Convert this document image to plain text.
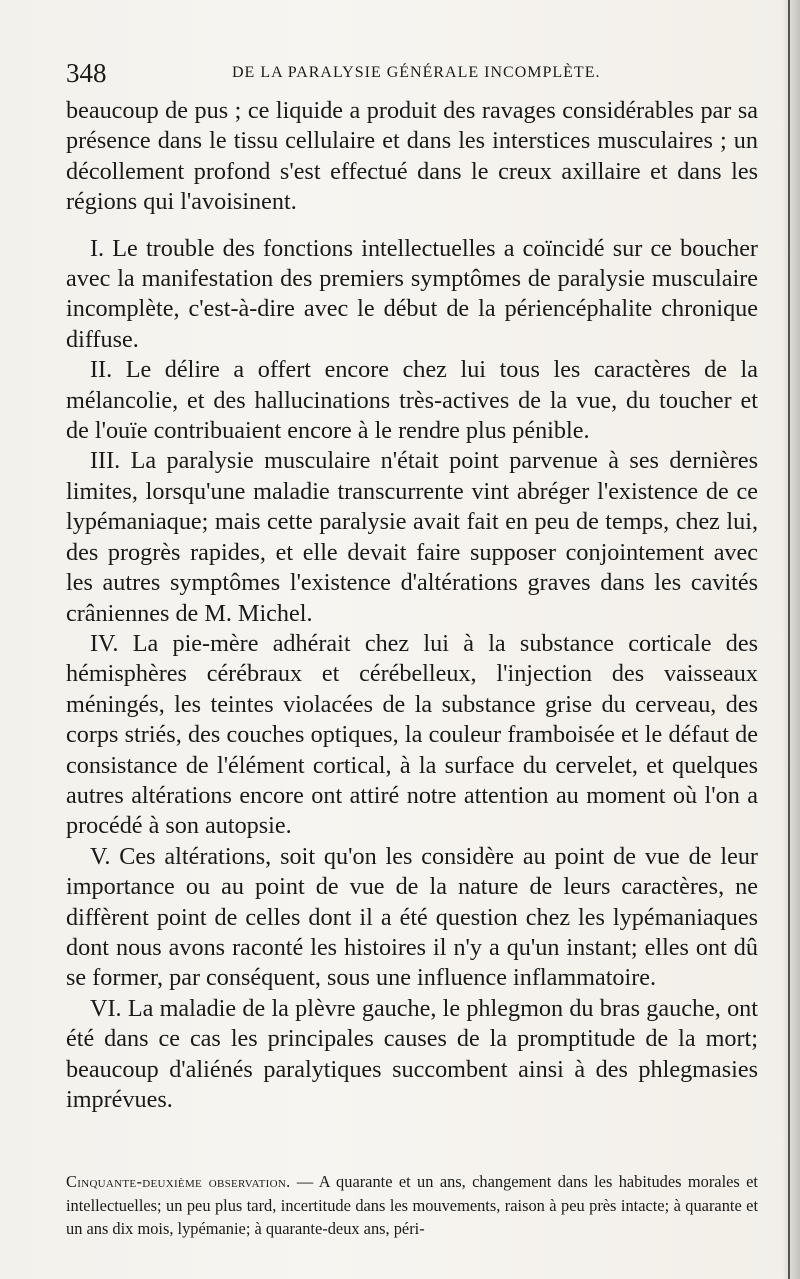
348	DE LA PARALYSIE GÉNÉRALE INCOMPLÈTE.

beaucoup de pus ; ce liquide a produit des ravages considérables par sa présence dans le tissu cellulaire et dans les interstices musculaires ; un décollement profond s'est effectué dans le creux axillaire et dans les régions qui l'avoisinent.

I. Le trouble des fonctions intellectuelles a coïncidé sur ce boucher avec la manifestation des premiers symptômes de paralysie musculaire incomplète, c'est-à-dire avec le début de la périencéphalite chronique diffuse.

II. Le délire a offert encore chez lui tous les caractères de la mélancolie, et des hallucinations très-actives de la vue, du toucher et de l'ouïe contribuaient encore à le rendre plus pénible.

III. La paralysie musculaire n'était point parvenue à ses dernières limites, lorsqu'une maladie transcurrente vint abréger l'existence de ce lypémaniaque; mais cette paralysie avait fait en peu de temps, chez lui, des progrès rapides, et elle devait faire supposer conjointement avec les autres symptômes l'existence d'altérations graves dans les cavités crâniennes de M. Michel.

IV. La pie-mère adhérait chez lui à la substance corticale des hémisphères cérébraux et cérébelleux, l'injection des vaisseaux méningés, les teintes violacées de la substance grise du cerveau, des corps striés, des couches optiques, la couleur framboisée et le défaut de consistance de l'élément cortical, à la surface du cervelet, et quelques autres altérations encore ont attiré notre attention au moment où l'on a procédé à son autopsie.

V. Ces altérations, soit qu'on les considère au point de vue de leur importance ou au point de vue de la nature de leurs caractères, ne diffèrent point de celles dont il a été question chez les lypémaniaques dont nous avons raconté les histoires il n'y a qu'un instant; elles ont dû se former, par conséquent, sous une influence inflammatoire.

VI. La maladie de la plèvre gauche, le phlegmon du bras gauche, ont été dans ce cas les principales causes de la promptitude de la mort; beaucoup d'aliénés paralytiques succombent ainsi à des phlegmasies imprévues.

Cinquante-deuxième observation. — A quarante et un ans, changement dans les habitudes morales et intellectuelles; un peu plus tard, incertitude dans les mouvements, raison à peu près intacte; à quarante et un ans dix mois, lypémanie; à quarante-deux ans, péri-
